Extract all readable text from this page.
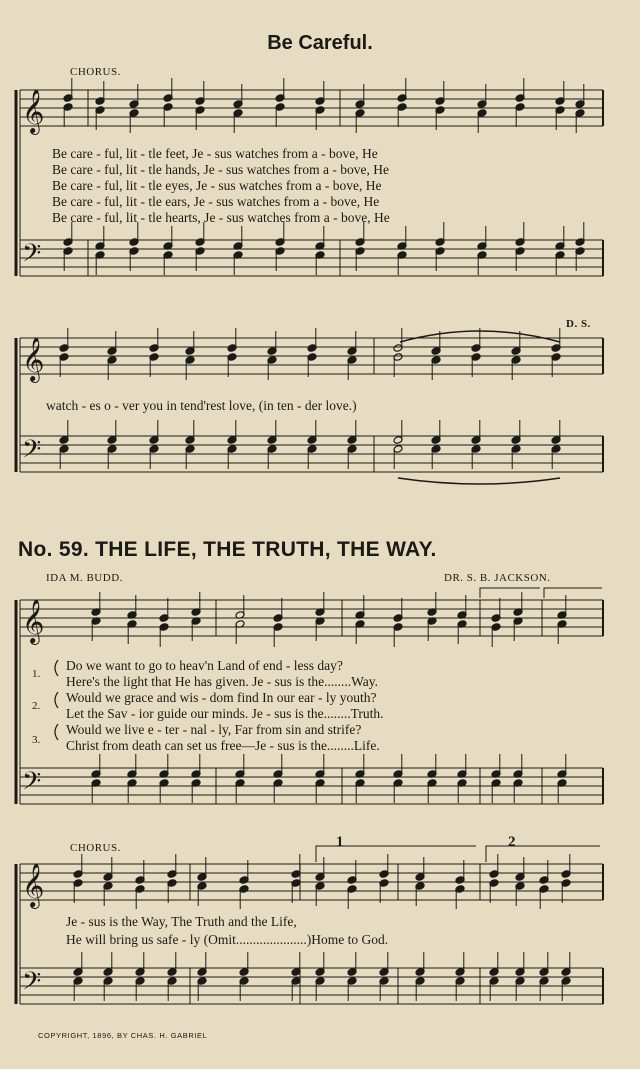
𝄞
𝄢
𝄞
𝄢
𝄞
𝄢
𝄞
𝄢
Be Careful.
CHORUS.
Be care - ful, lit - tle feet, Je - sus watches from a - bove, He
Be care - ful, lit - tle hands, Je - sus watches from a - bove, He
Be care - ful, lit - tle eyes, Je - sus watches from a - bove, He
Be care - ful, lit - tle ears, Je - sus watches from a - bove, He
Be care - ful, lit - tle hearts, Je - sus watches from a - bove, He
D. S.
watch - es o - ver you in tend'rest love, (in ten - der love.)
No. 59. THE LIFE, THE TRUTH, THE WAY.
IDA M. BUDD.	DR. S. B. JACKSON.
1.
2.
3.
Do we want to go to heav'n Land of end - less day?
Here's the light that He has given. Je - sus is the........Way.
Would we grace and wis - dom find In our ear - ly youth?
Let the Sav - ior guide our minds. Je - sus is the........Truth.
Would we live e - ter - nal - ly, Far from sin and strife?
Christ from death can set us free—Je - sus is the........Life.
CHORUS.
Je - sus is the Way, The Truth and the Life,
He will bring us safe - ly (Omit.....................)Home to God.
1	2
COPYRIGHT, 1896, BY CHAS. H. GABRIEL
